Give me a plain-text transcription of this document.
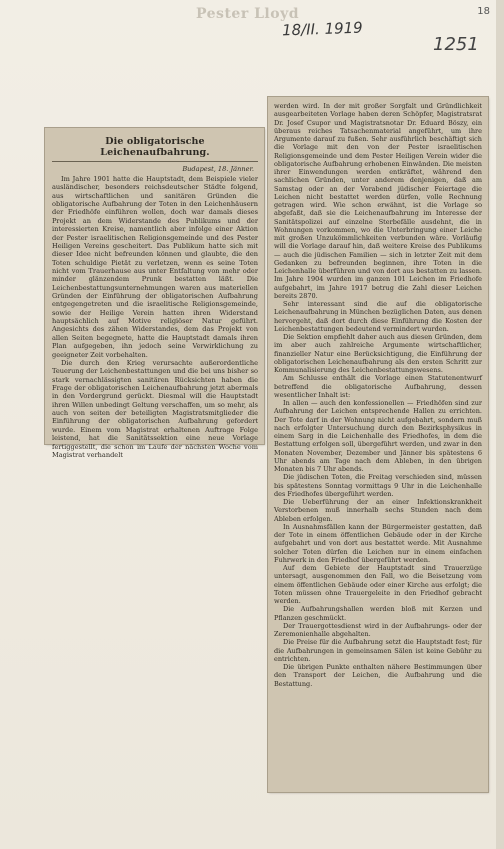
Pester Lloyd	18
18/II. 1919
1251
Die obligatorische Leichenaufbahrung.
Budapest, 18. Jänner.

Im Jahre 1901 hatte die Hauptstadt, dem Beispiele vieler ausländischer, besonders reichsdeutscher Städte folgend, aus wirtschaftlichen und sanitären Gründen die obligatorische Aufbahrung der Toten in den Leichenhäusern der Friedhöfe einführen wollen, doch war damals dieses Projekt an dem Widerstande des Publikums und der interessierten Kreise, namentlich aber infolge einer Aktion der Pester israelitischen Religionsgemeinde und des Pester Heiligen Vereins gescheitert. Das Publikum hatte sich mit dieser Idee nicht befreunden können und glaubte, die den Toten schuldige Pietät zu verletzen, wenn es seine Toten nicht vom Trauerhause aus unter Entfaltung von mehr oder minder glänzendem Prunk bestatten läßt. Die Leichenbestattungsunternehmungen waren aus materiellen Gründen der Einführung der obligatorischen Aufbahrung entgegengetreten und die israelitische Religionsgemeinde, sowie der Heilige Verein hatten ihren Widerstand hauptsächlich auf Motive religiöser Natur geführt. Angesichts des zähen Widerstandes, dem das Projekt von allen Seiten begegnete, hatte die Hauptstadt damals ihren Plan aufgegeben, ihn jedoch seine Verwirklichung zu geeigneter Zeit vorbehalten.

Die durch den Krieg verursachte außerordentliche Teuerung der Leichenbestattungen und die bei uns bisher so stark vernachlässigten sanitären Rücksichten haben die Frage der obligatorischen Leichenaufbahrung jetzt abermals in den Vordergrund gerückt. Diesmal will die Hauptstadt ihren Willen unbedingt Geltung verschaffen, um so mehr, als auch von seiten der beteiligten Magistratsmitglieder die Einführung der obligatorischen Aufbahrung gefordert wurde. Einem vom Magistrat erhaltenen Auftrage Folge leistend, hat die Sanitätssektion eine neue Vorlage fertiggestellt, die schon im Laufe der nächsten Woche vom Magistrat verhandelt

werden wird. In der mit großer Sorgfalt und Gründlichkeit ausgearbeiteten Vorlage haben deren Schöpfer, Magistratsrat Dr. Josef Csupor und Magistratsnotar Dr. Eduard Böszy, ein überaus reiches Tatsachenmaterial angeführt, um ihre Argumente darauf zu fußen. Sehr ausführlich beschäftigt sich die Vorlage mit den von der Pester israelitischen Religionsgemeinde und dem Pester Heiligen Verein wider die obligatorische Aufbahrung erhobenen Einwänden. Die meisten ihrer Einwendungen werden entkräftet, während den sachlichen Gründen, unter anderem denjenigen, daß am Samstag oder an der Vorabend jüdischer Feiertage die Leichen nicht bestattet werden dürfen, volle Rechnung getragen wird. Wie schon erwähnt, ist die Vorlage so abgefaßt, daß sie die Leichenaufbahrung im Interesse der Sanitätspolizei auf einzelne Sterbefälle ausdehnt, die in Wohnungen vorkommen, wo die Unterbringung einer Leiche mit großen Unzukömmlichkeiten verbunden wäre. Vorläufig will die Vorlage darauf hin, daß weitere Kreise des Publikums — auch die jüdischen Familien — sich in letzter Zeit mit dem Gedanken zu befreunden beginnen, ihre Toten in die Leichenhalle überführen und von dort aus bestatten zu lassen. Im Jahre 1904 wurden im ganzen 101 Leichen im Friedhofe aufgebahrt, im Jahre 1917 betrug die Zahl dieser Leichen bereits 2870.

Sehr interessant sind die auf die obligatorische Leichenaufbahrung in München bezüglichen Daten, aus denen hervorgeht, daß dort durch diese Einführung die Kosten der Leichenbestattungen bedeutend vermindert wurden.

Die Sektion empfiehlt daher auch aus diesen Gründen, dem im aber auch zahlreiche Argumente wirtschaftlicher, finanzieller Natur eine Berücksichtigung, die Einführung der obligatorischen Leichenaufbahrung als den ersten Schritt zur Kommunalisierung des Leichenbestattungswesens.

Am Schlusse enthält die Vorlage einen Statutenentwurf betreffend die obligatorische Aufbahrung, dessen wesentlicher Inhalt ist:

In allen — auch den konfessionellen — Friedhöfen sind zur Aufbahrung der Leichen entsprechende Hallen zu errichten. Der Tote darf in der Wohnung nicht aufgebahrt, sondern muß nach erfolgter Untersuchung durch den Bezirksphysikus in einem Sarg in die Leichenhalle des Friedhofes, in dem die Bestattung erfolgen soll, übergeführt werden, und zwar in den Monaten November, Dezember und Jänner bis spätestens 6 Uhr abends am Tage nach dem Ableben, in den übrigen Monaten bis 7 Uhr abends.

Die jüdischen Toten, die Freitag verschieden sind, müssen bis spätestens Sonntag vormittags 9 Uhr in die Leichenhalle des Friedhofes übergeführt werden.

Die Ueberführung der an einer Infektionskrankheit Verstorbenen muß innerhalb sechs Stunden nach dem Ableben erfolgen.

In Ausnahmsfällen kann der Bürgermeister gestatten, daß der Tote in einem öffentlichen Gebäude oder in der Kirche aufgebahrt und von dort aus bestattet werde. Mit Ausnahme solcher Toten dürfen die Leichen nur in einem einfachen Fuhrwerk in den Friedhof übergeführt werden.

Auf dem Gebiete der Hauptstadt sind Trauerzüge untersagt, ausgenommen den Fall, wo die Beisetzung vom einem öffentlichen Gebäude oder einer Kirche aus erfolgt; die Toten müssen ohne Trauergeleite in den Friedhof gebracht werden.

Die Aufbahrungshallen werden bloß mit Kerzen und Pflanzen geschmückt.

Der Trauergottesdienst wird in der Aufbahrungs- oder der Zeremonienhalle abgehalten.

Die Preise für die Aufbahrung setzt die Hauptstadt fest; für die Aufbahrungen in gemeinsamen Sälen ist keine Gebühr zu entrichten.

Die übrigen Punkte enthalten nähere Bestimmungen über den Transport der Leichen, die Aufbahrung und die Bestattung.
